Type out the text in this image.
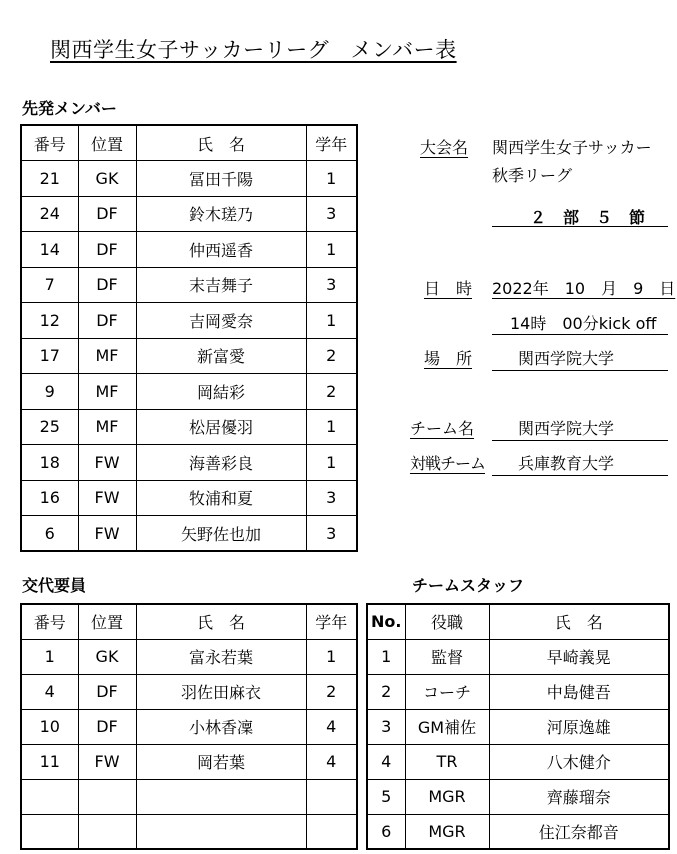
関西学生女子サッカーリーグ　メンバー表
先発メンバー
番号	位置	氏　名	学年
21	GK	冨田千陽	1
24	DF	鈴木瑳乃	3
14	DF	仲西遥香	1
7	DF	末吉舞子	3
12	DF	吉岡愛奈	1
17	MF	新富愛	2
9	MF	岡結彩	2
25	MF	松居優羽	1
18	FW	海善彩良	1
16	FW	牧浦和夏	3
6	FW	矢野佐也加	3
大会名 関西学生女子サッカー
秋季リーグ
２　部　５　節
日　時 2022年　10　月　9　日
14時　00分kick off
場　所	関西学院大学
チーム名	関西学院大学
対戦チーム 兵庫教育大学
交代要員
番号	位置	氏　名	学年
1	GK	富永若葉	1
4	DF	羽佐田麻衣	2
10	DF	小林香凜	4
11	FW	岡若葉	4

チームスタッフ
No.	役職	氏　名
1	監督	早崎義晃
2	コーチ	中島健吾
3	GM補佐	河原逸雄
4	TR	八木健介
5	MGR	齊藤瑠奈
6	MGR	住江奈都音
